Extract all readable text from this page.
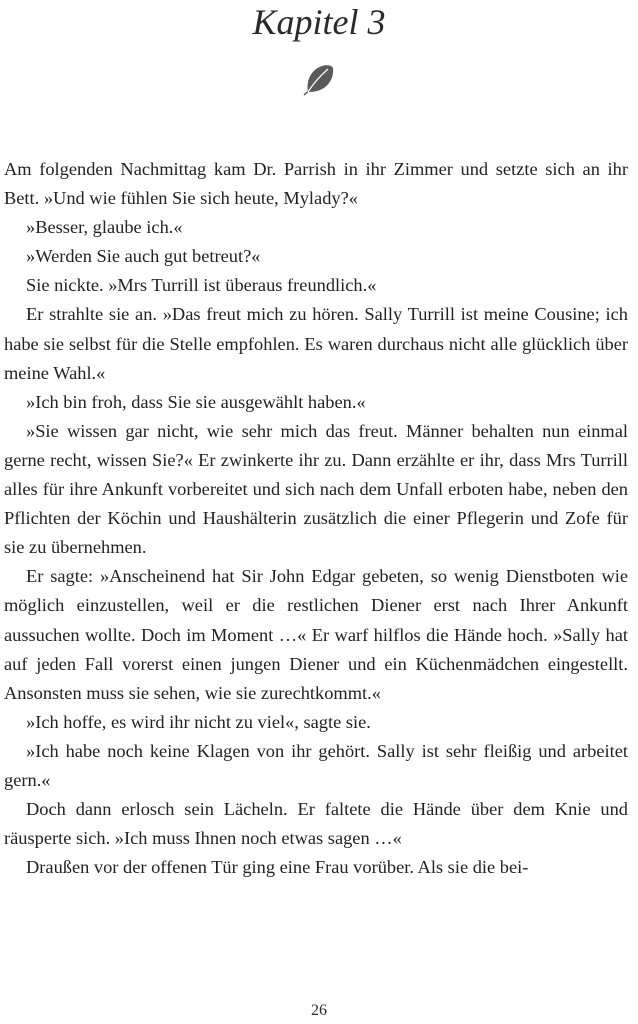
Kapitel 3

Am folgenden Nachmittag kam Dr. Parrish in ihr Zimmer und setzte sich an ihr Bett. »Und wie fühlen Sie sich heute, Mylady?«

»Besser, glaube ich.«

»Werden Sie auch gut betreut?«

Sie nickte. »Mrs Turrill ist überaus freundlich.«

Er strahlte sie an. »Das freut mich zu hören. Sally Turrill ist meine Cousine; ich habe sie selbst für die Stelle empfohlen. Es waren durchaus nicht alle glücklich über meine Wahl.«

»Ich bin froh, dass Sie sie ausgewählt haben.«

»Sie wissen gar nicht, wie sehr mich das freut. Männer behalten nun einmal gerne recht, wissen Sie?« Er zwinkerte ihr zu. Dann erzählte er ihr, dass Mrs Turrill alles für ihre Ankunft vorbereitet und sich nach dem Unfall erboten habe, neben den Pflichten der Köchin und Haushälterin zusätzlich die einer Pflegerin und Zofe für sie zu übernehmen.

Er sagte: »Anscheinend hat Sir John Edgar gebeten, so wenig Dienstboten wie möglich einzustellen, weil er die restlichen Diener erst nach Ihrer Ankunft aussuchen wollte. Doch im Moment …« Er warf hilflos die Hände hoch. »Sally hat auf jeden Fall vorerst einen jungen Diener und ein Küchenmädchen eingestellt. Ansonsten muss sie sehen, wie sie zurechtkommt.«

»Ich hoffe, es wird ihr nicht zu viel«, sagte sie.

»Ich habe noch keine Klagen von ihr gehört. Sally ist sehr fleißig und arbeitet gern.«

Doch dann erlosch sein Lächeln. Er faltete die Hände über dem Knie und räusperte sich. »Ich muss Ihnen noch etwas sagen …«

Draußen vor der offenen Tür ging eine Frau vorüber. Als sie die bei-

26
